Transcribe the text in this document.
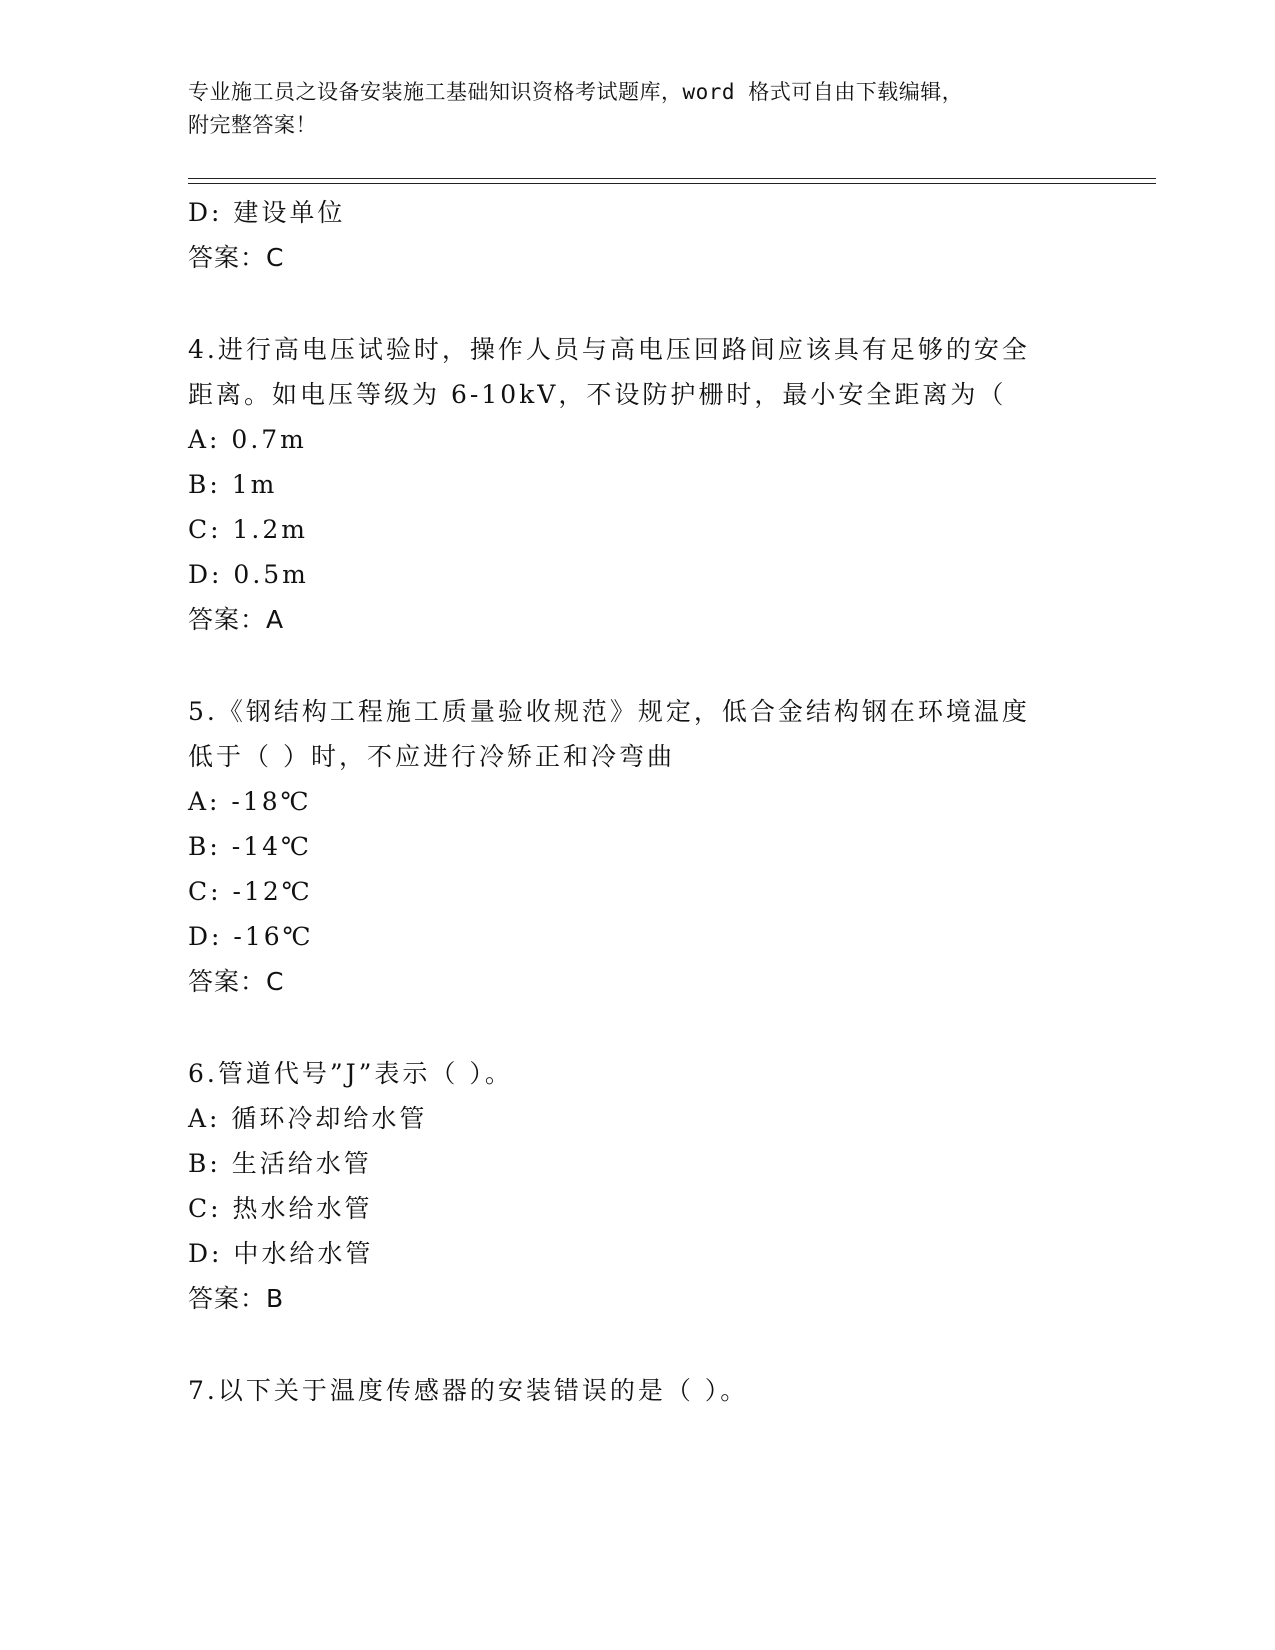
专业施工员之设备安装施工基础知识资格考试题库，word 格式可自由下载编辑，
附完整答案！
D: 建设单位
答案：C
4.进行高电压试验时，操作人员与高电压回路间应该具有足够的安全
距离。如电压等级为 6-10kV，不设防护栅时，最小安全距离为（
A: 0.7m
B: 1m
C: 1.2m
D: 0.5m
答案：A
5.《钢结构工程施工质量验收规范》规定，低合金结构钢在环境温度
低于（ ）时，不应进行冷矫正和冷弯曲
A: -18℃
B: -14℃
C: -12℃
D: -16℃
答案：C
6.管道代号”J”表示（ ）。
A: 循环冷却给水管
B: 生活给水管
C: 热水给水管
D: 中水给水管
答案：B
7.以下关于温度传感器的安装错误的是（ ）。
